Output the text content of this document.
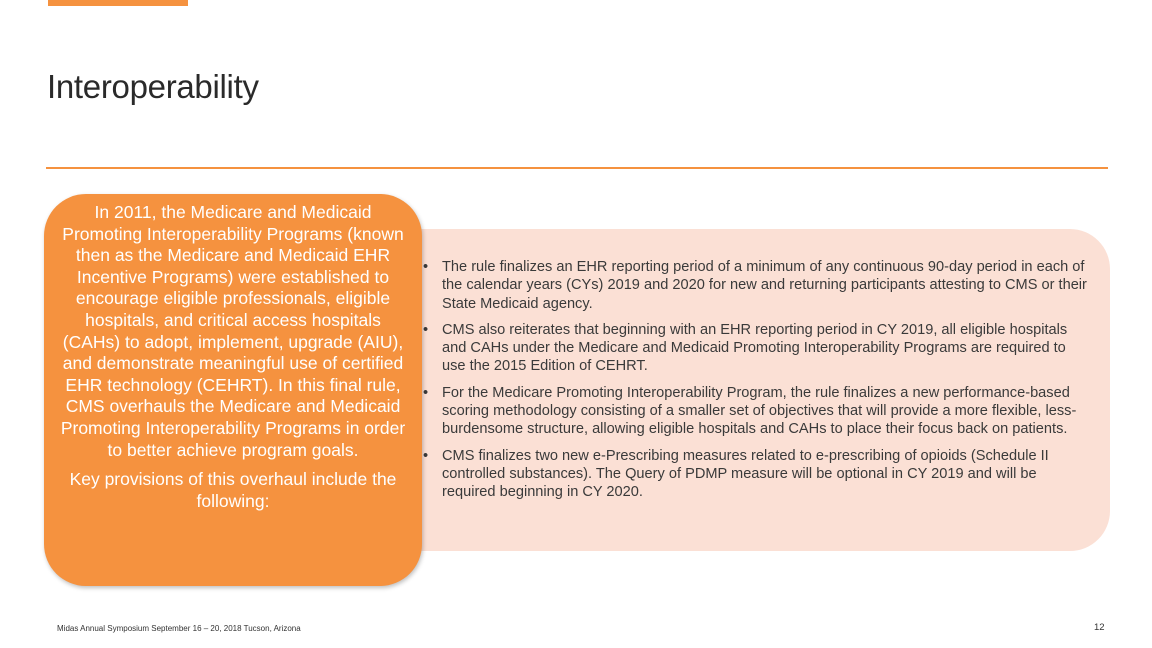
Interoperability
• The rule finalizes an EHR reporting period of a minimum of any continuous 90-day period in each of the calendar years (CYs) 2019 and 2020 for new and returning participants attesting to CMS or their State Medicaid agency.
• CMS also reiterates that beginning with an EHR reporting period in CY 2019, all eligible hospitals and CAHs under the Medicare and Medicaid Promoting Interoperability Programs are required to use the 2015 Edition of CEHRT.
• For the Medicare Promoting Interoperability Program, the rule finalizes a new performance-based scoring methodology consisting of a smaller set of objectives that will provide a more flexible, less-burdensome structure, allowing eligible hospitals and CAHs to place their focus back on patients.
• CMS finalizes two new e-Prescribing measures related to e-prescribing of opioids (Schedule II controlled substances). The Query of PDMP measure will be optional in CY 2019 and will be required beginning in CY 2020.

In 2011, the Medicare and Medicaid Promoting Interoperability Programs (known then as the Medicare and Medicaid EHR Incentive Programs) were established to encourage eligible professionals, eligible hospitals, and critical access hospitals (CAHs) to adopt, implement, upgrade (AIU), and demonstrate meaningful use of certified EHR technology (CEHRT). In this final rule, CMS overhauls the Medicare and Medicaid Promoting Interoperability Programs in order to better achieve program goals.

Key provisions of this overhaul include the following:

Midas Annual Symposium September 16 – 20, 2018 Tucson, Arizona	12
